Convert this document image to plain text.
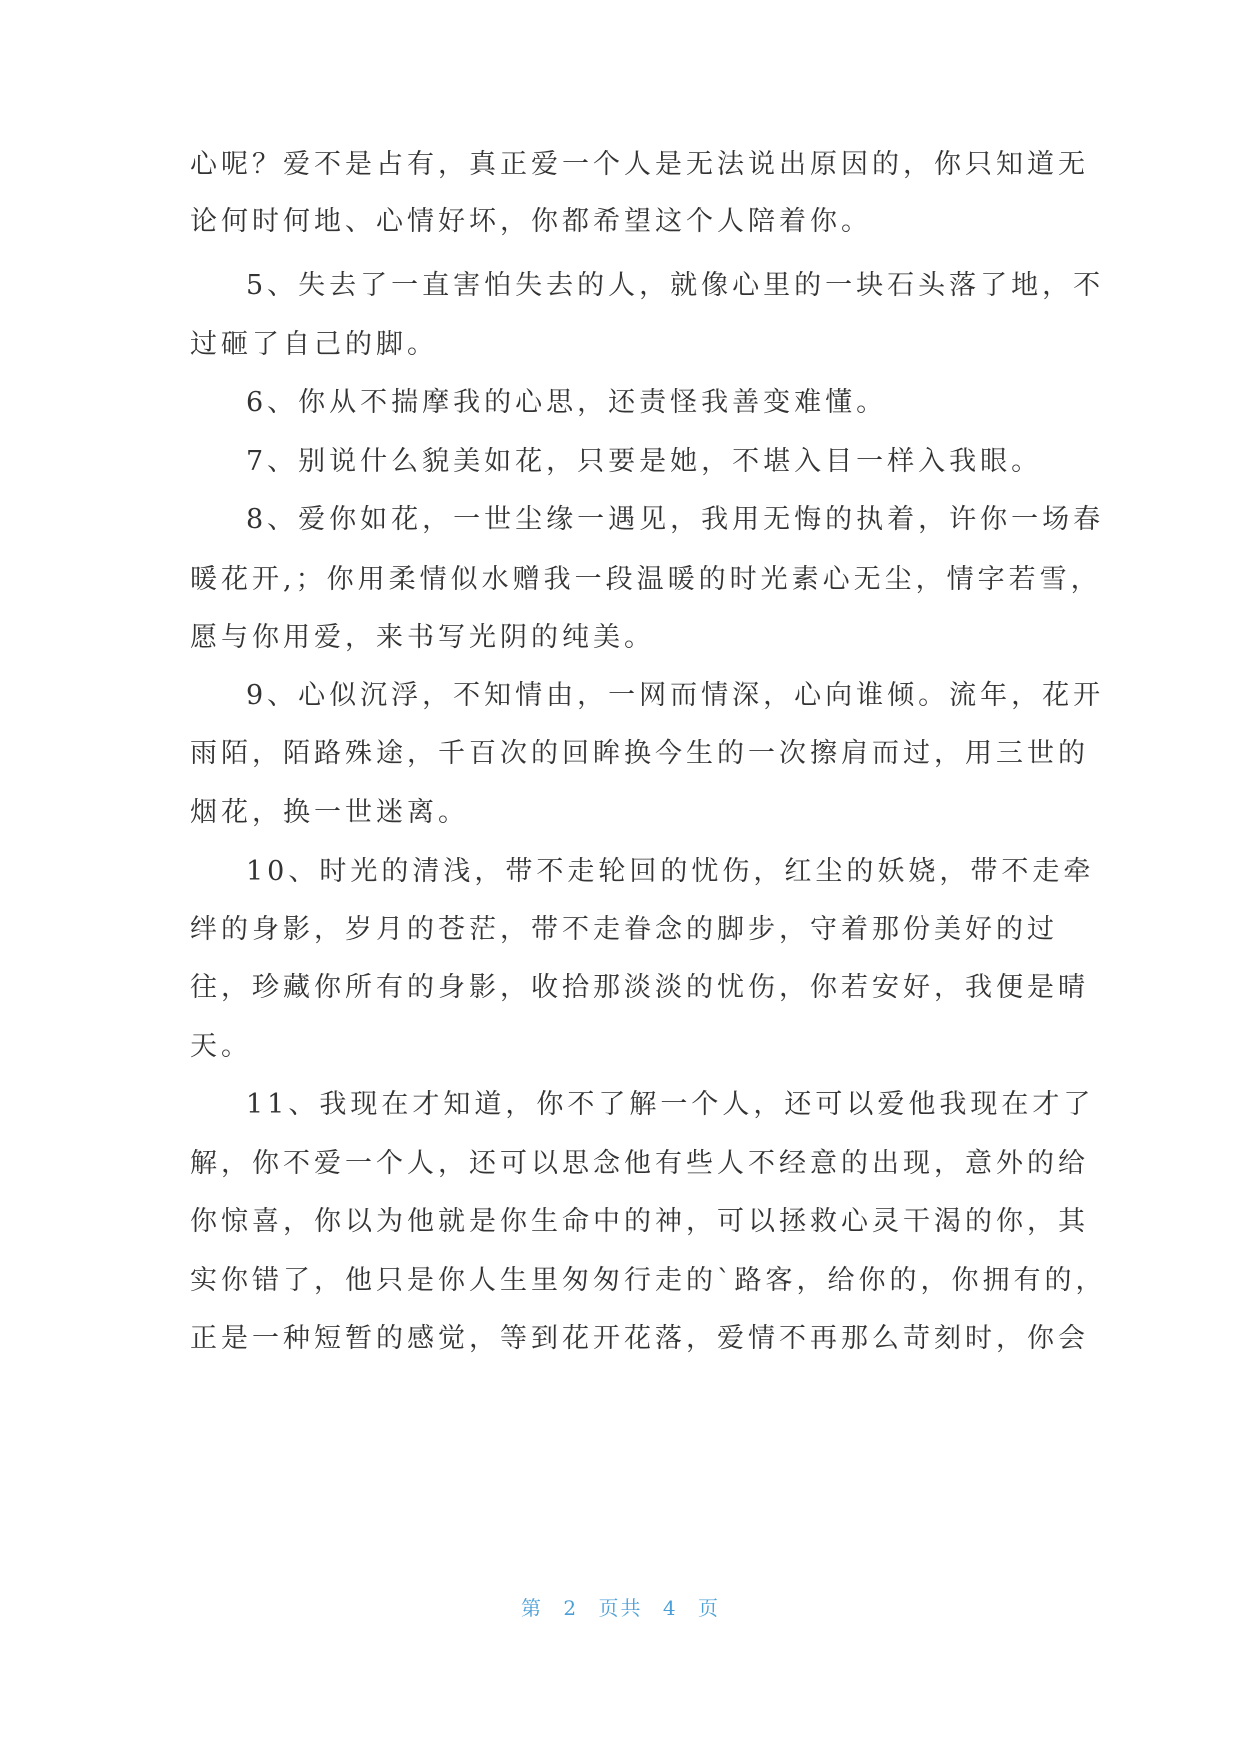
心呢？爱不是占有，真正爱一个人是无法说出原因的，你只知道无
论何时何地、心情好坏，你都希望这个人陪着你。
5、失去了一直害怕失去的人，就像心里的一块石头落了地，不
过砸了自己的脚。
6、你从不揣摩我的心思，还责怪我善变难懂。
7、别说什么貌美如花，只要是她，不堪入目一样入我眼。
8、爱你如花，一世尘缘一遇见，我用无悔的执着，许你一场春
暖花开,；你用柔情似水赠我一段温暖的时光素心无尘，情字若雪，
愿与你用爱，来书写光阴的纯美。
9、心似沉浮，不知情由，一网而情深，心向谁倾。流年，花开
雨陌，陌路殊途，千百次的回眸换今生的一次擦肩而过，用三世的
烟花，换一世迷离。
10、时光的清浅，带不走轮回的忧伤，红尘的妖娆，带不走牵
绊的身影，岁月的苍茫，带不走眷念的脚步，守着那份美好的过
往，珍藏你所有的身影，收拾那淡淡的忧伤，你若安好，我便是晴
天。
11、我现在才知道，你不了解一个人，还可以爱他我现在才了
解，你不爱一个人，还可以思念他有些人不经意的出现，意外的给
你惊喜，你以为他就是你生命中的神，可以拯救心灵干渴的你，其
实你错了，他只是你人生里匆匆行走的`路客，给你的，你拥有的，
正是一种短暂的感觉，等到花开花落，爱情不再那么苛刻时，你会
第 2 页共 4 页
